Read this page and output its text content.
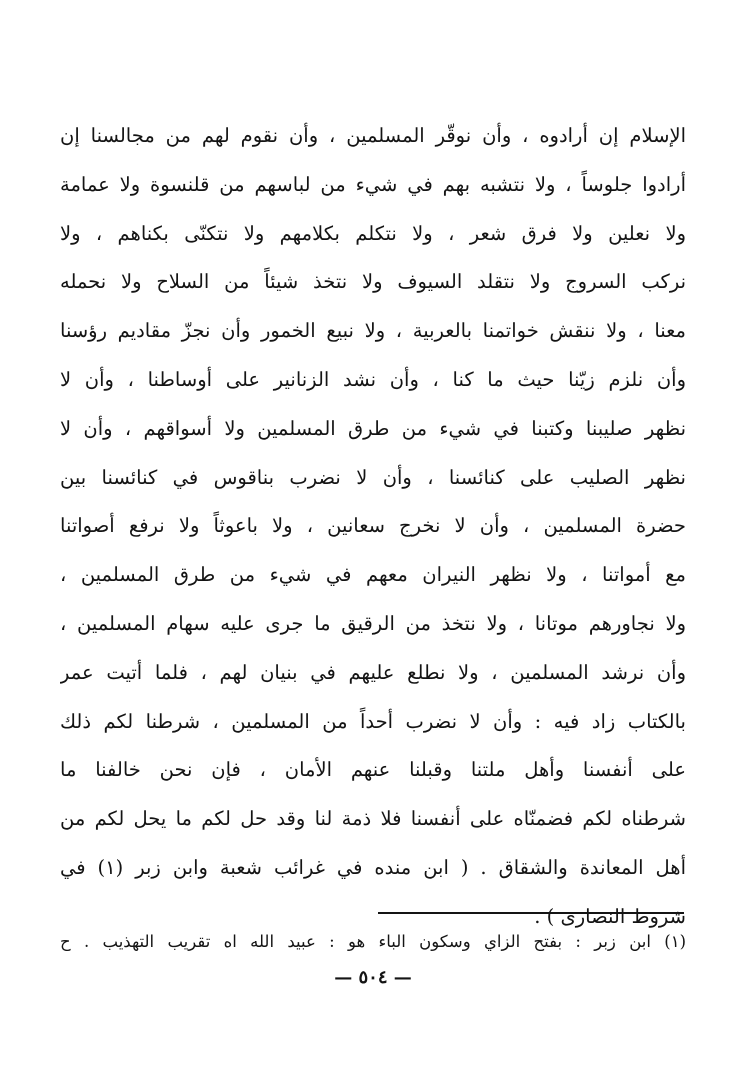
الإسلام إن أرادوه ، وأن نوقّر المسلمين ، وأن نقوم لهم من مجالسنا إن
أرادوا جلوساً ، ولا نتشبه بهم في شيء من لباسهم من قلنسوة ولا عمامة
ولا نعلين ولا فرق شعر ، ولا نتكلم بكلامهم ولا نتكنّى بكناهم ، ولا
نركب السروج ولا نتقلد السيوف ولا نتخذ شيئاً من السلاح ولا نحمله
معنا ، ولا ننقش خواتمنا بالعربية ، ولا نبيع الخمور وأن نجزّ مقاديم رؤسنا
وأن نلزم زيّنا حيث ما كنا ، وأن نشد الزنانير على أوساطنا ، وأن لا
نظهر صليبنا وكتبنا في شيء من طرق المسلمين ولا أسواقهم ، وأن لا
نظهر الصليب على كنائسنا ، وأن لا نضرب بناقوس في كنائسنا بين
حضرة المسلمين ، وأن لا نخرج سعانين ، ولا باعوثاً ولا نرفع أصواتنا
مع أمواتنا ، ولا نظهر النيران معهم في شيء من طرق المسلمين ،
ولا نجاورهم موتانا ، ولا نتخذ من الرقيق ما جرى عليه سهام المسلمين ،
وأن نرشد المسلمين ، ولا نطلع عليهم في بنيان لهم ، فلما أتيت عمر
بالكتاب زاد فيه : وأن لا نضرب أحداً من المسلمين ، شرطنا لكم ذلك
على أنفسنا وأهل ملتنا وقبلنا عنهم الأمان ، فإن نحن خالفنا ما
شرطناه لكم فضمنّاه على أنفسنا فلا ذمة لنا وقد حل لكم ما يحل لكم من
أهل المعاندة والشقاق . ( ابن منده في غرائب شعبة وابن زبر (١) في
شروط النصارى ) .
(١) ابن زبر : بفتح الزاي وسكون الباء هو : عبيد الله اه تقريب التهذيب . ح
— ٥٠٤ —
